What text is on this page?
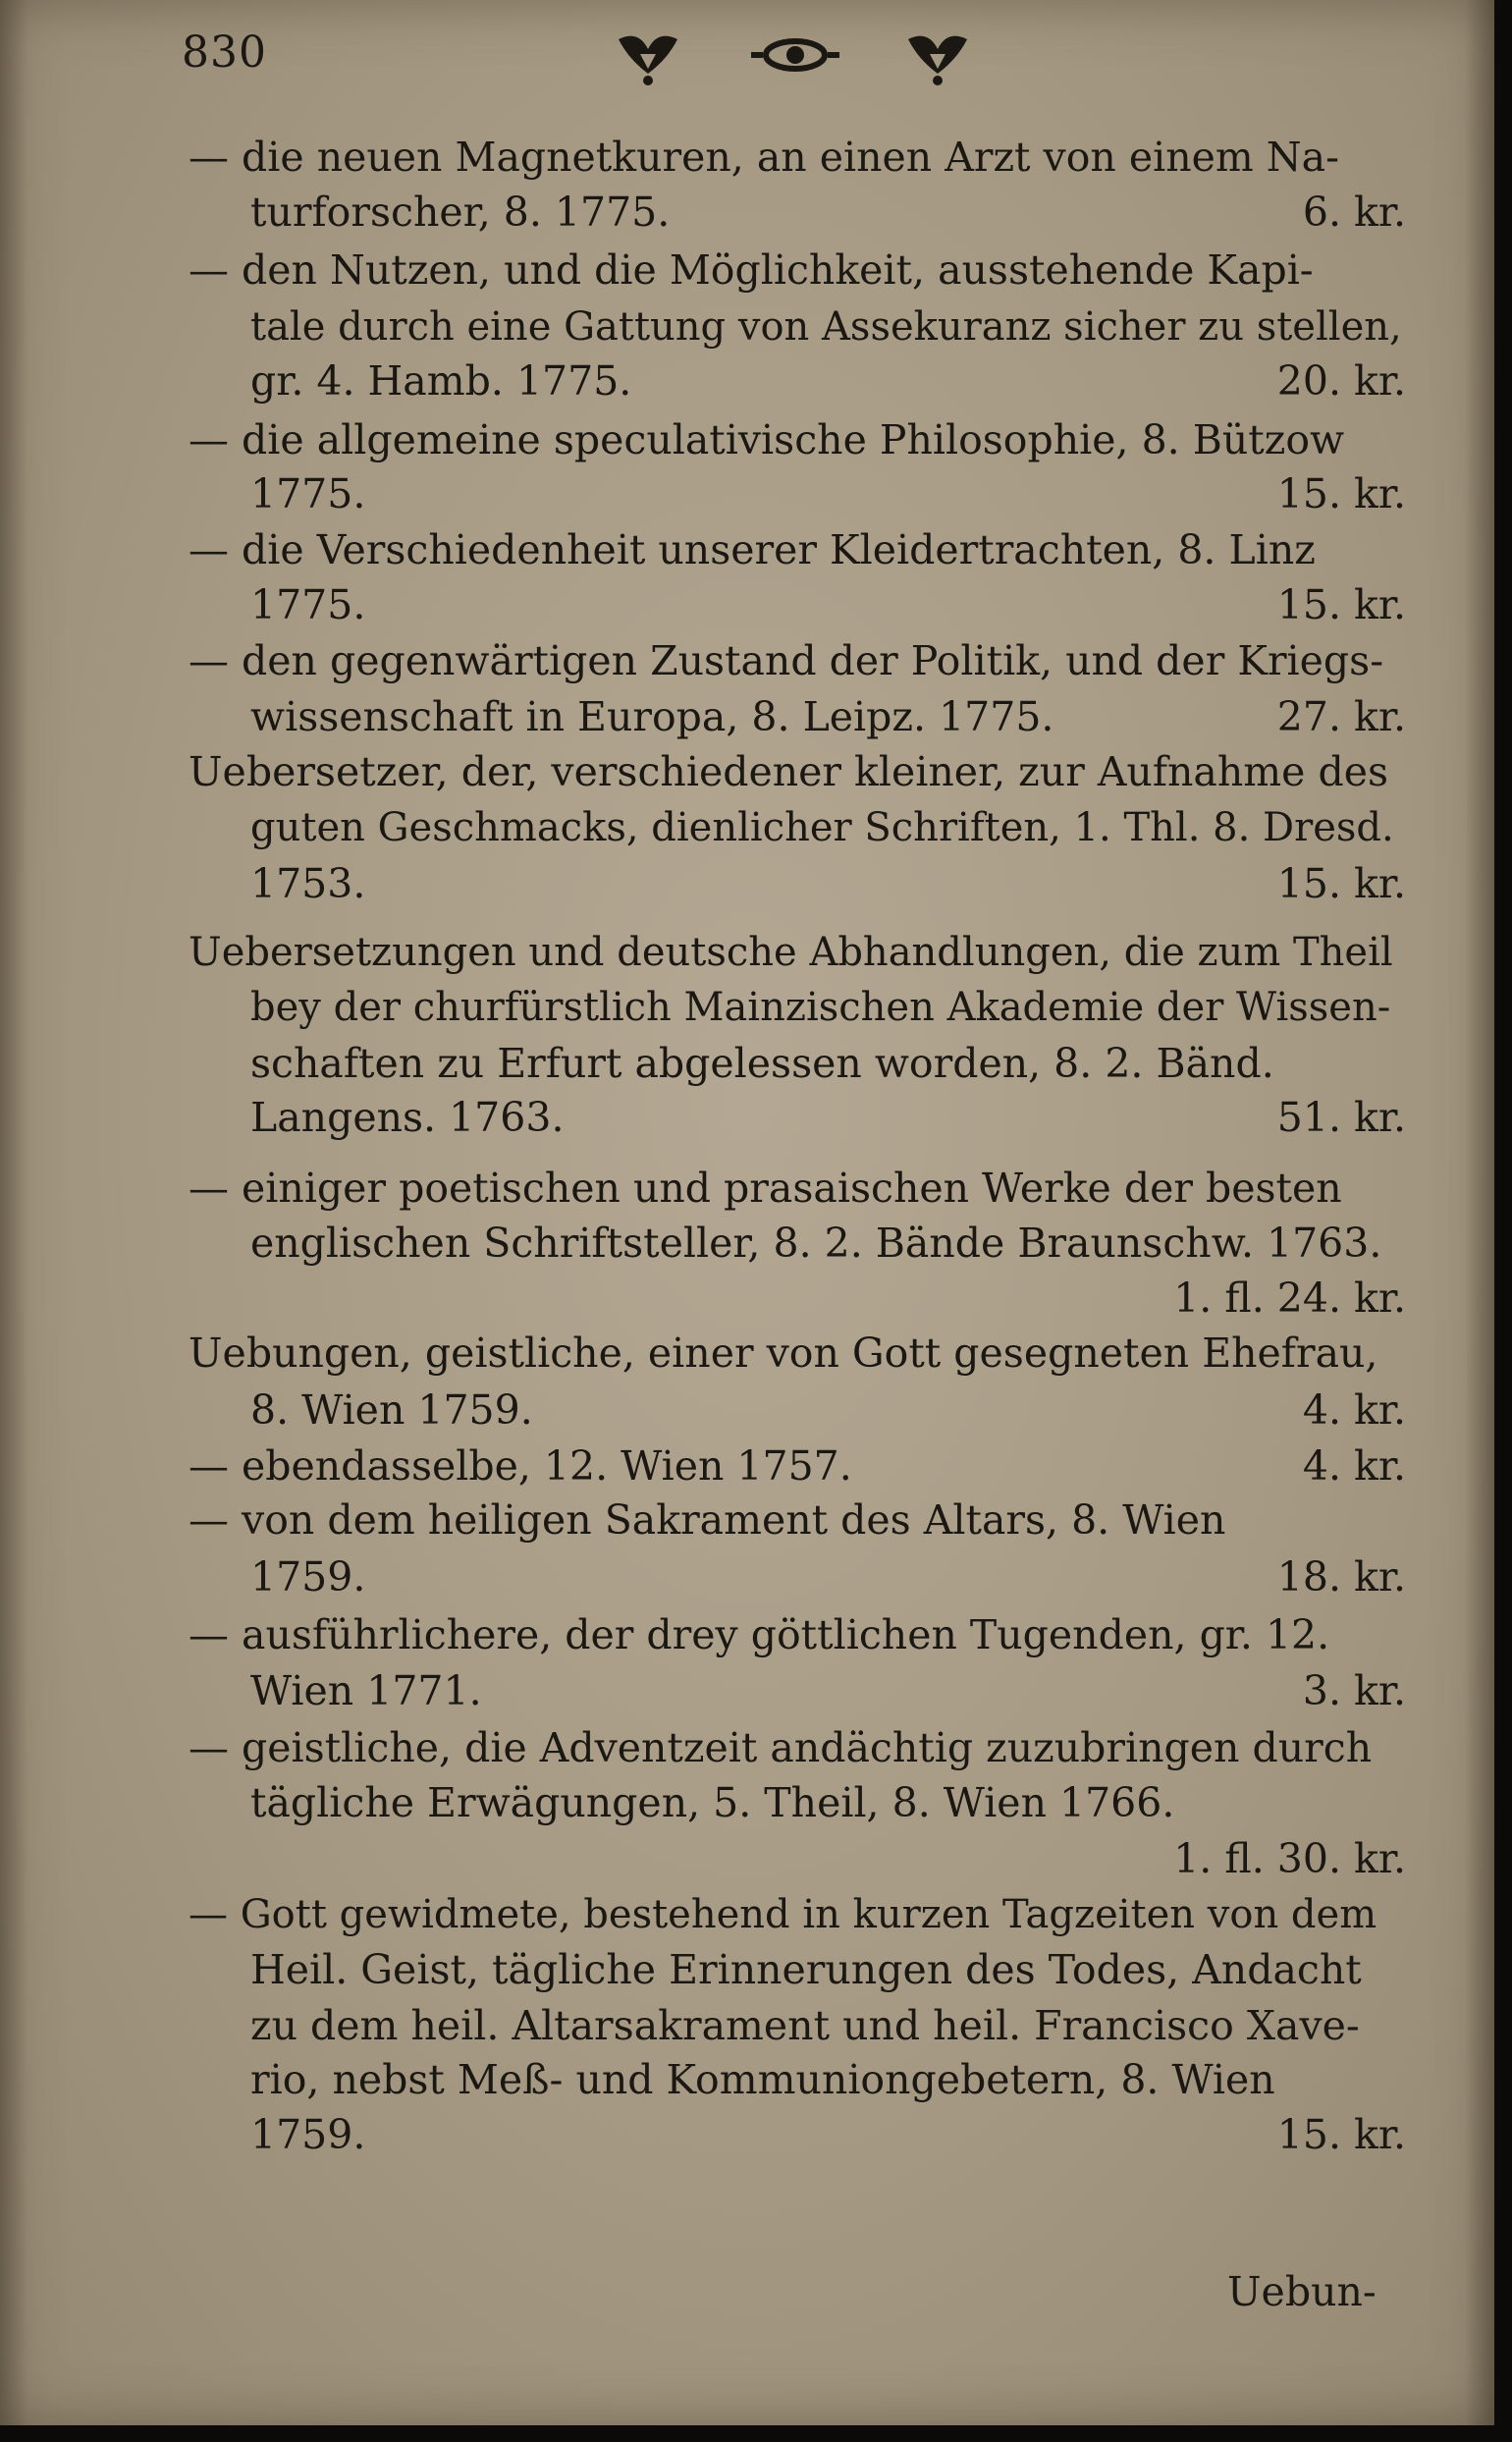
830
— die neuen Magnetkuren, an einen Arzt von einem Na-
turforscher, 8. 1775.	6. kr.
— den Nutzen, und die Möglichkeit, ausstehende Kapi-
tale durch eine Gattung von Assekuranz sicher zu stellen,
gr. 4. Hamb. 1775.	20. kr.
— die allgemeine speculativische Philosophie, 8. Bützow
1775.	15. kr.
— die Verschiedenheit unserer Kleidertrachten, 8. Linz
1775.	15. kr.
— den gegenwärtigen Zustand der Politik, und der Kriegs-
wissenschaft in Europa, 8. Leipz. 1775.	27. kr.
Uebersetzer, der, verschiedener kleiner, zur Aufnahme des
guten Geschmacks, dienlicher Schriften, 1. Thl. 8. Dresd.
1753.	15. kr.
Uebersetzungen und deutsche Abhandlungen, die zum Theil
bey der churfürstlich Mainzischen Akademie der Wissen-
schaften zu Erfurt abgelessen worden, 8. 2. Bänd.
Langens. 1763.	51. kr.
— einiger poetischen und prasaischen Werke der besten
englischen Schriftsteller, 8. 2. Bände Braunschw. 1763.
1. fl. 24. kr.
Uebungen, geistliche, einer von Gott gesegneten Ehefrau,
8. Wien 1759.	4. kr.
— ebendasselbe, 12. Wien 1757.	4. kr.
— von dem heiligen Sakrament des Altars, 8. Wien
1759.	18. kr.
— ausführlichere, der drey göttlichen Tugenden, gr. 12.
Wien 1771.	3. kr.
— geistliche, die Adventzeit andächtig zuzubringen durch
tägliche Erwägungen, 5. Theil, 8. Wien 1766.
1. fl. 30. kr.
— Gott gewidmete, bestehend in kurzen Tagzeiten von dem
Heil. Geist, tägliche Erinnerungen des Todes, Andacht
zu dem heil. Altarsakrament und heil. Francisco Xave-
rio, nebst Meß- und Kommuniongebetern, 8. Wien
1759.	15. kr.
Uebun-
